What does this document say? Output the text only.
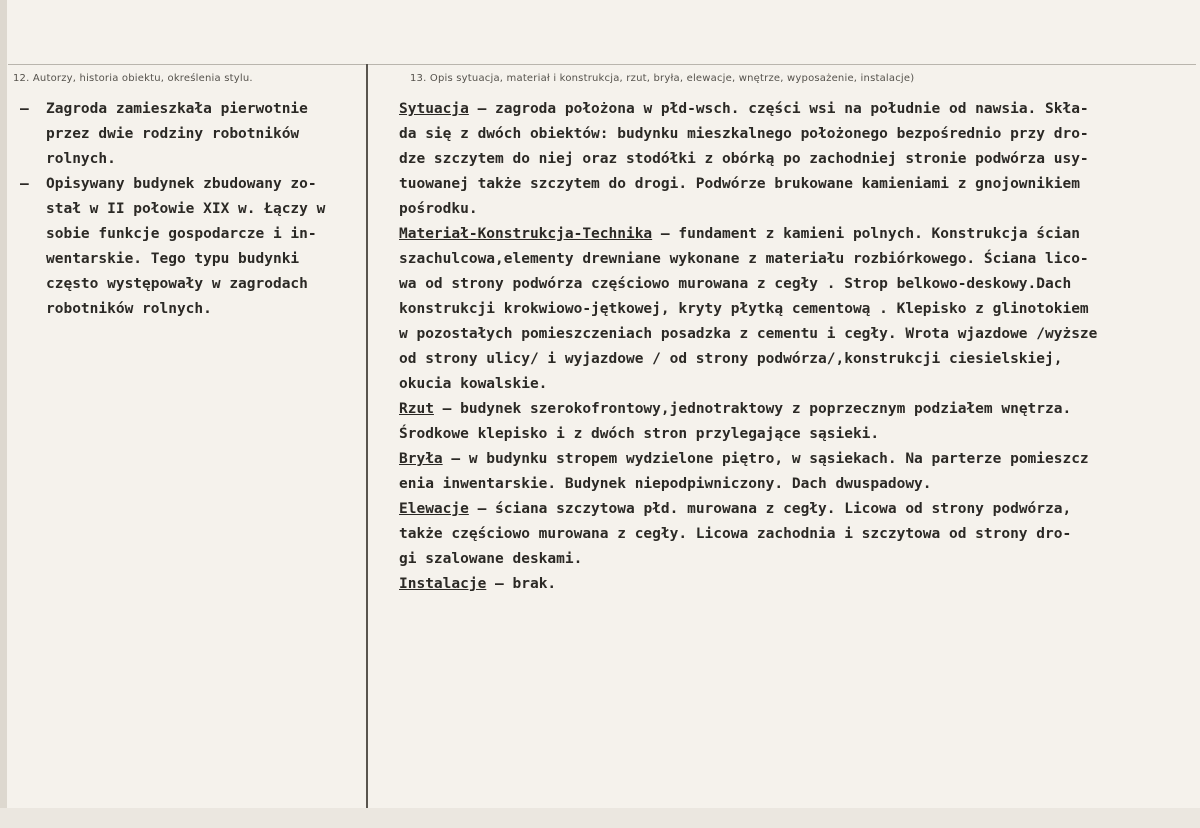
12. Autorzy, historia obiektu, określenia stylu.	13. Opis sytuacja, materiał i konstrukcja, rzut, bryła, elewacje, wnętrze, wyposażenie, instalacje)
–	Zagroda zamieszkała pierwotnie
przez dwie rodziny robotników
rolnych.
–	Opisywany budynek zbudowany zo-
stał w II połowie XIX w. Łączy w
sobie funkcje gospodarcze i in-
wentarskie. Tego typu budynki
często występowały w zagrodach
robotników rolnych.

Sytuacja – zagroda położona w płd-wsch. części wsi na południe od nawsia. Skła-
da się z dwóch obiektów: budynku mieszkalnego położonego bezpośrednio przy dro-
dze szczytem do niej oraz stodółki z obórką po zachodniej stronie podwórza usy-
tuowanej także szczytem do drogi. Podwórze brukowane kamieniami z gnojownikiem
pośrodku.

Materiał-Konstrukcja-Technika – fundament z kamieni polnych. Konstrukcja ścian
szachulcowa,elementy drewniane wykonane z materiału rozbiórkowego. Ściana lico-
wa od strony podwórza częściowo murowana z cegły . Strop belkowo-deskowy.Dach
konstrukcji krokwiowo-jętkowej, kryty płytką cementową . Klepisko z glinotokiem
w pozostałych pomieszczeniach posadzka z cementu i cegły. Wrota wjazdowe /wyższe
od strony ulicy/ i wyjazdowe / od strony podwórza/,konstrukcji ciesielskiej,
okucia kowalskie.

Rzut – budynek szerokofrontowy,jednotraktowy z poprzecznym podziałem wnętrza.
Środkowe klepisko i z dwóch stron przylegające sąsieki.

Bryła – w budynku stropem wydzielone piętro, w sąsiekach. Na parterze pomieszcz
enia inwentarskie. Budynek niepodpiwniczony. Dach dwuspadowy.

Elewacje – ściana szczytowa płd. murowana z cegły. Licowa od strony podwórza,
także częściowo murowana z cegły. Licowa zachodnia i szczytowa od strony dro-
gi szalowane deskami.

Instalacje – brak.
